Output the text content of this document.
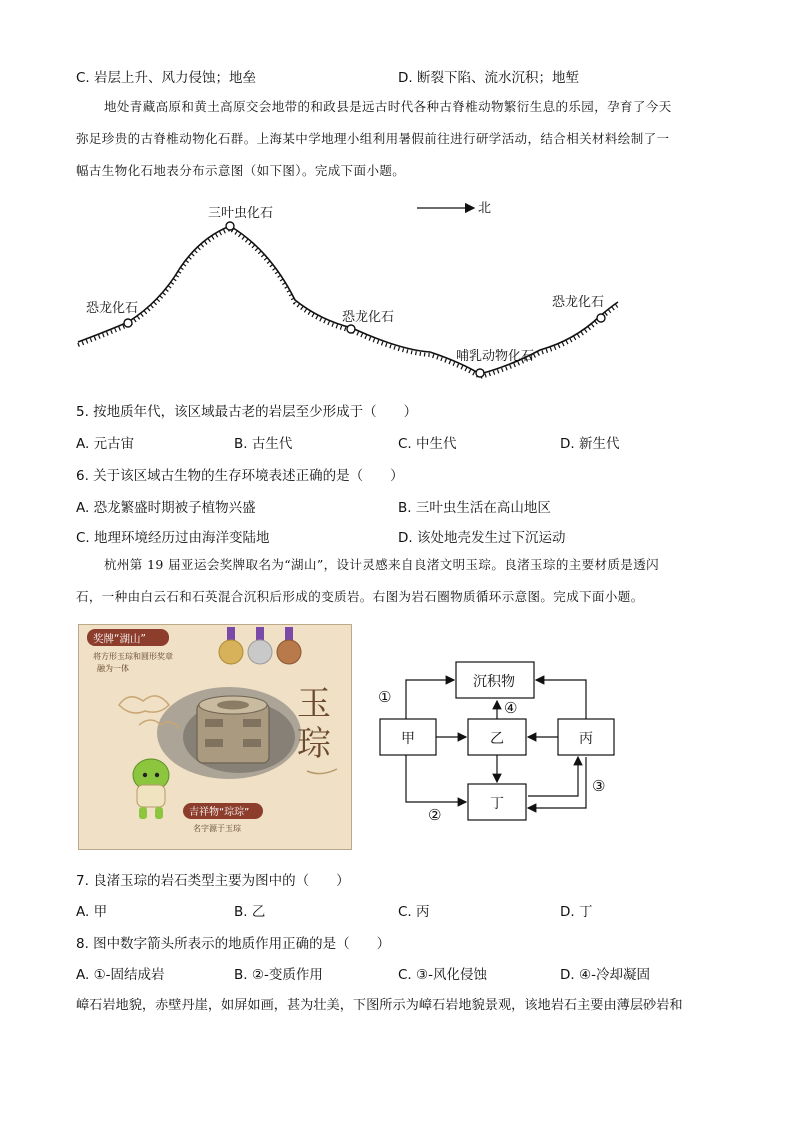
C. 岩层上升、风力侵蚀；地垒	D. 断裂下陷、流水沉积；地堑
地处青藏高原和黄土高原交会地带的和政县是远古时代各种古脊椎动物繁衍生息的乐园，孕育了今天
弥足珍贵的古脊椎动物化石群。上海某中学地理小组利用暑假前往进行研学活动，结合相关材料绘制了一
幅古生物化石地表分布示意图（如下图）。完成下面小题。
三叶虫化石
恐龙化石
恐龙化石
哺乳动物化石
恐龙化石
北
5. 按地质年代，该区域最古老的岩层至少形成于（　　）
A. 元古宙	B. 古生代	C. 中生代	D. 新生代
6. 关于该区域古生物的生存环境表述正确的是（　　）
A. 恐龙繁盛时期被子植物兴盛	B. 三叶虫生活在高山地区
C. 地理环境经历过由海洋变陆地	D. 该处地壳发生过下沉运动
杭州第 19 届亚运会奖牌取名为“湖山”，设计灵感来自良渚文明玉琮。良渚玉琮的主要材质是透闪
石，一种由白云石和石英混合沉积后形成的变质岩。右图为岩石圈物质循环示意图。完成下面小题。
奖牌“湖山”
将方形玉琮和圆形奖章
融为一体
玉
琮
吉祥物“琮琮”
名字源于玉琮
沉积物
甲	乙	丙
丁
①
②
③
④
7. 良渚玉琮的岩石类型主要为图中的（　　）
A. 甲	B. 乙	C. 丙	D. 丁
8. 图中数字箭头所表示的地质作用正确的是（　　）
A. ①-固结成岩	B. ②-变质作用	C. ③-风化侵蚀	D. ④-冷却凝固
嶂石岩地貌，赤壁丹崖，如屏如画，甚为壮美，下图所示为嶂石岩地貌景观，该地岩石主要由薄层砂岩和
